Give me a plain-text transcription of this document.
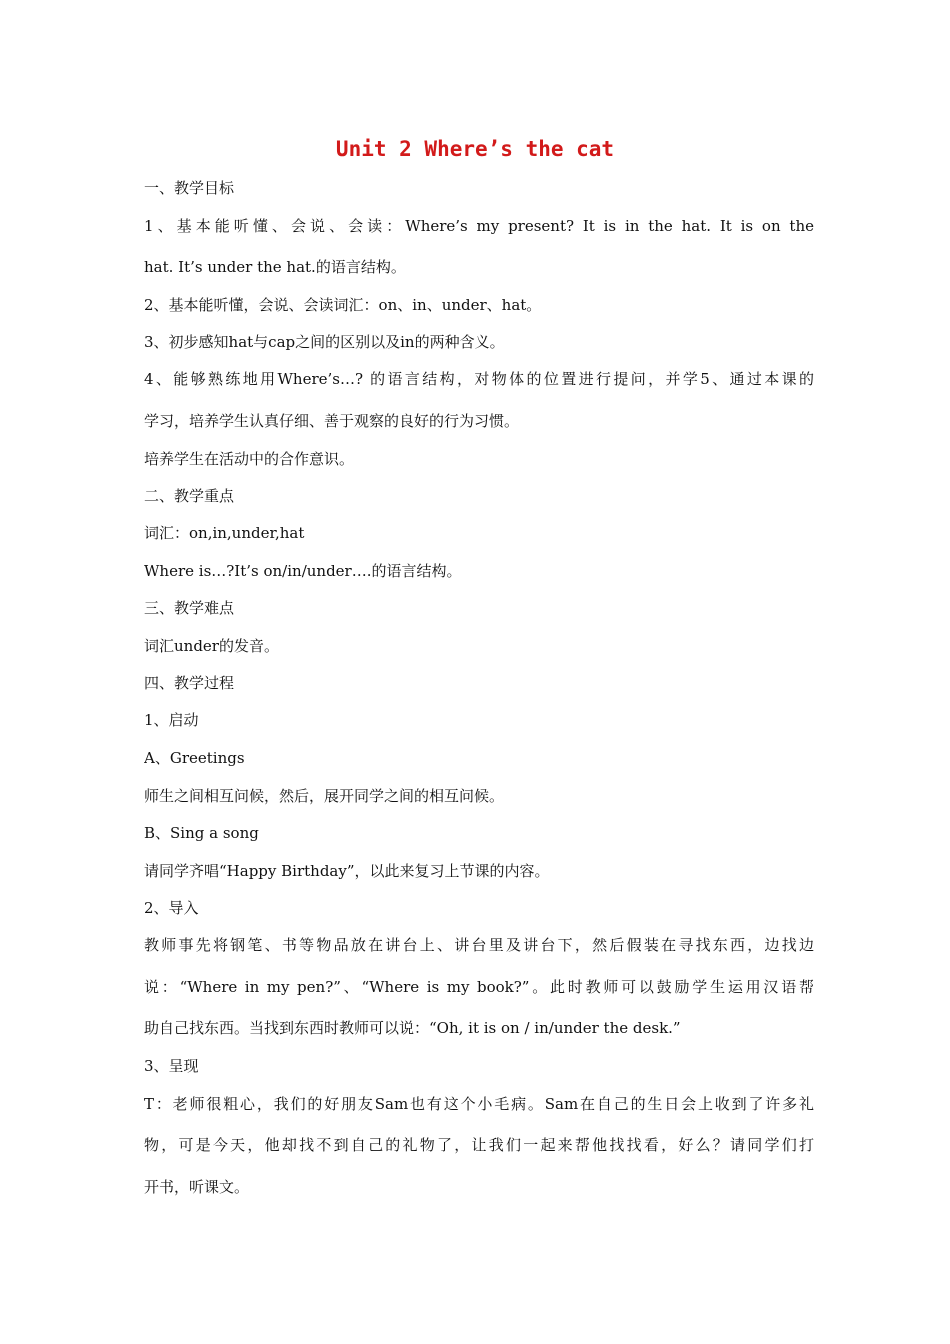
Unit 2 Where’s the cat
一、教学目标
1、基本能听懂、会说、会读：Where’s my present? It is in the hat. It is on the
hat. It’s under the hat.的语言结构。
2、基本能听懂，会说、会读词汇：on、in、under、hat。
3、初步感知hat与cap之间的区别以及in的两种含义。
4、能够熟练地用Where’s…? 的语言结构，对物体的位置进行提问，并学5、通过本课的
学习，培养学生认真仔细、善于观察的良好的行为习惯。
培养学生在活动中的合作意识。
二、教学重点
词汇：on,in,under,hat
Where is…?It’s on/in/under….的语言结构。
三、教学难点
词汇under的发音。
四、教学过程
1、启动
A、Greetings
师生之间相互问候，然后，展开同学之间的相互问候。
B、Sing a song
请同学齐唱“Happy Birthday”，以此来复习上节课的内容。
2、导入
教师事先将钢笔、书等物品放在讲台上、讲台里及讲台下，然后假装在寻找东西，边找边
说：“Where in my pen?”、“Where is my book?”。此时教师可以鼓励学生运用汉语帮
助自己找东西。当找到东西时教师可以说：“Oh, it is on / in/under the desk.”
3、呈现
T：老师很粗心，我们的好朋友Sam也有这个小毛病。Sam在自己的生日会上收到了许多礼
物，可是今天，他却找不到自己的礼物了，让我们一起来帮他找找看，好么？请同学们打
开书，听课文。
